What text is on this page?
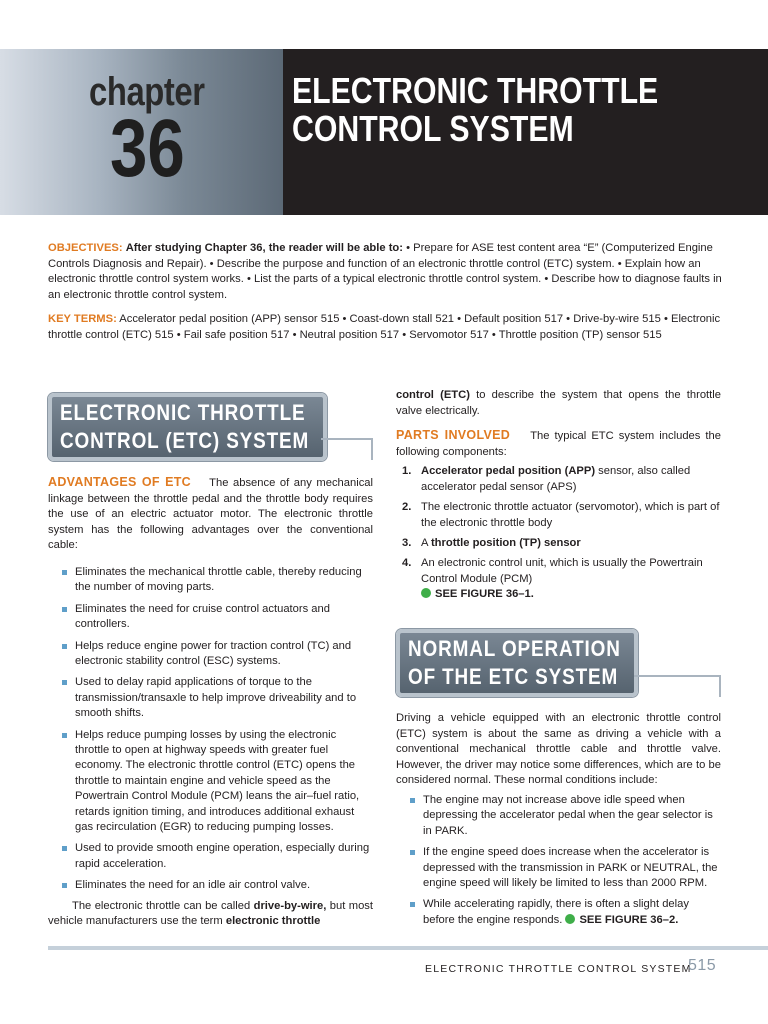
chapter
36
ELECTRONIC THROTTLE
CONTROL SYSTEM

OBJECTIVES: After studying Chapter 36, the reader will be able to: • Prepare for ASE test content area “E” (Computerized Engine Controls Diagnosis and Repair). • Describe the purpose and function of an electronic throttle control (ETC) system. • Explain how an electronic throttle control system works. • List the parts of a typical electronic throttle control system. • Describe how to diagnose faults in an electronic throttle control system.

KEY TERMS: Accelerator pedal position (APP) sensor 515 • Coast-down stall 521 • Default position 517 • Drive-by-wire 515 • Electronic throttle control (ETC) 515 • Fail safe position 517 • Neutral position 517 • Servomotor 517 • Throttle position (TP) sensor 515

ELECTRONIC THROTTLE
CONTROL (ETC) SYSTEM

ADVANTAGES OF ETC The absence of any mechanical linkage between the throttle pedal and the throttle body requires the use of an electric actuator motor. The electronic throttle system has the following advantages over the conventional cable:

Eliminates the mechanical throttle cable, thereby reducing the number of moving parts.
Eliminates the need for cruise control actuators and controllers.
Helps reduce engine power for traction control (TC) and electronic stability control (ESC) systems.
Used to delay rapid applications of torque to the transmission/transaxle to help improve driveability and to smooth shifts.
Helps reduce pumping losses by using the electronic throttle to open at highway speeds with greater fuel economy. The electronic throttle control (ETC) opens the throttle to maintain engine and vehicle speed as the Powertrain Control Module (PCM) leans the air–fuel ratio, retards ignition timing, and introduces additional exhaust gas recirculation (EGR) to reducing pumping losses.
Used to provide smooth engine operation, especially during rapid acceleration.
Eliminates the need for an idle air control valve.

The electronic throttle can be called drive-by-wire, but most vehicle manufacturers use the term electronic throttle

control (ETC) to describe the system that opens the throttle valve electrically.

PARTS INVOLVED The typical ETC system includes the following components:

1. Accelerator pedal position (APP) sensor, also called accelerator pedal sensor (APS)
2. The electronic throttle actuator (servomotor), which is part of the electronic throttle body
3. A throttle position (TP) sensor
4. An electronic control unit, which is usually the Powertrain Control Module (PCM)
SEE FIGURE 36–1.
NORMAL OPERATION
OF THE ETC SYSTEM

Driving a vehicle equipped with an electronic throttle control (ETC) system is about the same as driving a vehicle with a conventional mechanical throttle cable and throttle valve. However, the driver may notice some differences, which are to be considered normal. These normal conditions include:

The engine may not increase above idle speed when depressing the accelerator pedal when the gear selector is in PARK.
If the engine speed does increase when the accelerator is depressed with the transmission in PARK or NEUTRAL, the engine speed will likely be limited to less than 2000 RPM.
While accelerating rapidly, there is often a slight delay before the engine responds. SEE FIGURE 36–2.
ELECTRONIC THROTTLE CONTROL SYSTEM
515
